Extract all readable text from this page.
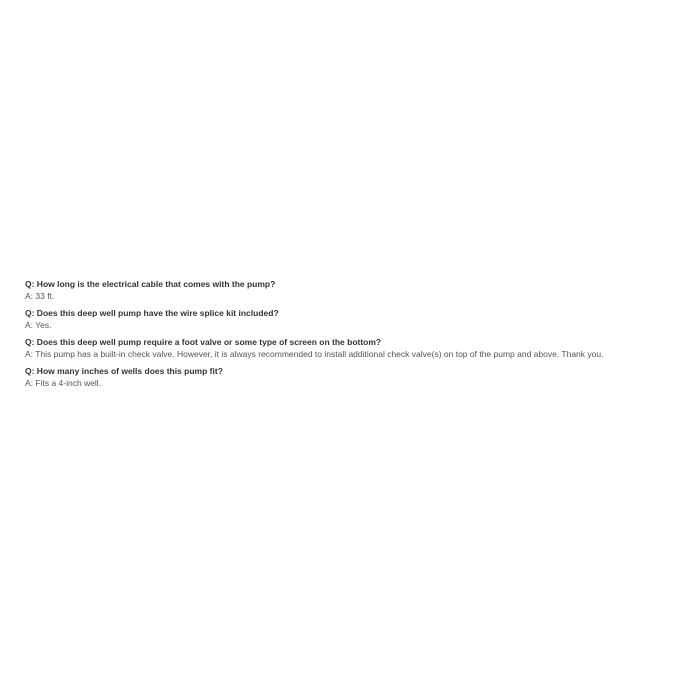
Q: How long is the electrical cable that comes with the pump?
A: 33 ft.
Q: Does this deep well pump have the wire splice kit included?
A: Yes.
Q: Does this deep well pump require a foot valve or some type of screen on the bottom?
A: This pump has a built-in check valve. However, it is always recommended to install additional check valve(s) on top of the pump and above. Thank you.
Q: How many inches of wells does this pump fit?
A: Fits a 4-inch well.
